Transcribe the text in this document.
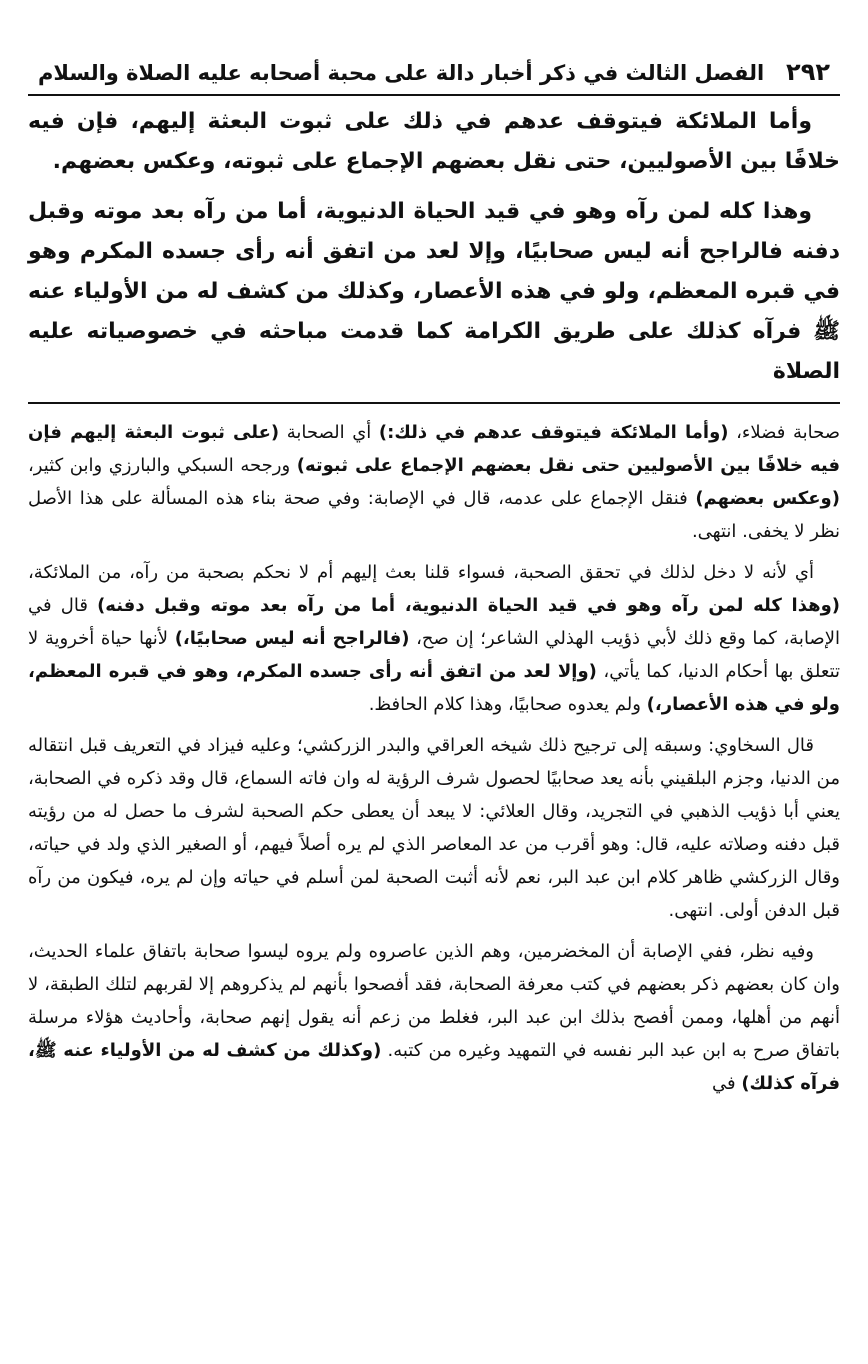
٢٩٢
الفصل الثالث في ذكر أخبار دالة على محبة أصحابه عليه الصلاة والسلام

وأما الملائكة فيتوقف عدهم في ذلك على ثبوت البعثة إليهم، فإن فيه خلافًا بين الأصوليين، حتى نقل بعضهم الإجماع على ثبوته، وعكس بعضهم.

وهذا كله لمن رآه وهو في قيد الحياة الدنيوية، أما من رآه بعد موته وقبل دفنه فالراجح أنه ليس صحابيًا، وإلا لعد من اتفق أنه رأى جسده المكرم وهو في قبره المعظم، ولو في هذه الأعصار، وكذلك من كشف له من الأولياء عنه ﷺ فرآه كذلك على طريق الكرامة كما قدمت مباحثه في خصوصياته عليه الصلاة

صحابة فضلاء، (وأما الملائكة فيتوقف عدهم في ذلك:) أي الصحابة (على ثبوت البعثة إليهم فإن فيه خلافًا بين الأصوليين حتى نقل بعضهم الإجماع على ثبوته) ورجحه السبكي والبارزي وابن كثير، (وعكس بعضهم) فنقل الإجماع على عدمه، قال في الإصابة: وفي صحة بناء هذه المسألة على هذا الأصل نظر لا يخفى. انتهى.

أي لأنه لا دخل لذلك في تحقق الصحبة، فسواء قلنا بعث إليهم أم لا نحكم بصحبة من رآه، من الملائكة، (وهذا كله لمن رآه وهو في قيد الحياة الدنيوية، أما من رآه بعد موته وقبل دفنه) قال في الإصابة، كما وقع ذلك لأبي ذؤيب الهذلي الشاعر؛ إن صح، (فالراجح أنه ليس صحابيًا،) لأنها حياة أخروية لا تتعلق بها أحكام الدنيا، كما يأتي، (وإلا لعد من اتفق أنه رأى جسده المكرم، وهو في قبره المعظم، ولو في هذه الأعصار،) ولم يعدوه صحابيًا، وهذا كلام الحافظ.

قال السخاوي: وسبقه إلى ترجيح ذلك شيخه العراقي والبدر الزركشي؛ وعليه فيزاد في التعريف قبل انتقاله من الدنيا، وجزم البلقيني بأنه يعد صحابيًا لحصول شرف الرؤية له وان فاته السماع، قال وقد ذكره في الصحابة، يعني أبا ذؤيب الذهبي في التجريد، وقال العلائي: لا يبعد أن يعطى حكم الصحبة لشرف ما حصل له من رؤيته قبل دفنه وصلاته عليه، قال: وهو أقرب من عد المعاصر الذي لم يره أصلاً فيهم، أو الصغير الذي ولد في حياته، وقال الزركشي ظاهر كلام ابن عبد البر، نعم لأنه أثبت الصحبة لمن أسلم في حياته وإن لم يره، فيكون من رآه قبل الدفن أولى. انتهى.

وفيه نظر، ففي الإصابة أن المخضرمين، وهم الذين عاصروه ولم يروه ليسوا صحابة باتفاق علماء الحديث، وان كان بعضهم ذكر بعضهم في كتب معرفة الصحابة، فقد أفصحوا بأنهم لم يذكروهم إلا لقربهم لتلك الطبقة، لا أنهم من أهلها، وممن أفصح بذلك ابن عبد البر، فغلط من زعم أنه يقول إنهم صحابة، وأحاديث هؤلاء مرسلة باتفاق صرح به ابن عبد البر نفسه في التمهيد وغيره من كتبه. (وكذلك من كشف له من الأولياء عنه ﷺ، فرآه كذلك) في
